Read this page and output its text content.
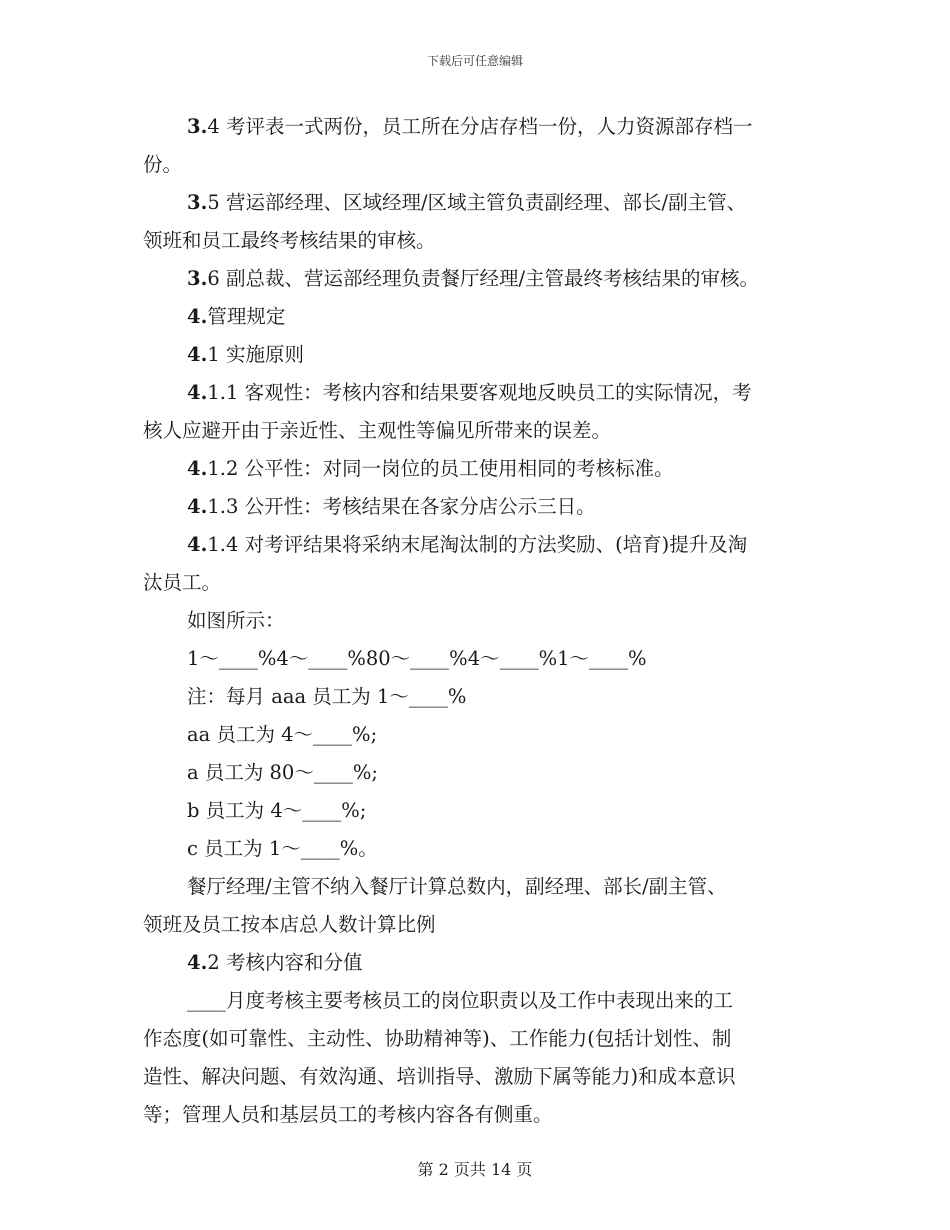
下载后可任意编辑
3.4 考评表一式两份，员工所在分店存档一份，人力资源部存档一
份。
3.5 营运部经理、区域经理/区域主管负责副经理、部长/副主管、
领班和员工最终考核结果的审核。
3.6 副总裁、营运部经理负责餐厅经理/主管最终考核结果的审核。
4.管理规定
4.1 实施原则
4.1.1 客观性：考核内容和结果要客观地反映员工的实际情况，考
核人应避开由于亲近性、主观性等偏见所带来的误差。
4.1.2 公平性：对同一岗位的员工使用相同的考核标准。
4.1.3 公开性：考核结果在各家分店公示三日。
4.1.4 对考评结果将采纳末尾淘汰制的方法奖励、(培育)提升及淘
汰员工。
如图所示：
1～____%4～____%80～____%4～____%1～____%
注：每月 aaa 员工为 1～____%
aa 员工为 4～____%;
a 员工为 80～____%;
b 员工为 4～____%;
c 员工为 1～____%。
餐厅经理/主管不纳入餐厅计算总数内，副经理、部长/副主管、
领班及员工按本店总人数计算比例
4.2 考核内容和分值
____月度考核主要考核员工的岗位职责以及工作中表现出来的工
作态度(如可靠性、主动性、协助精神等)、工作能力(包括计划性、制
造性、解决问题、有效沟通、培训指导、激励下属等能力)和成本意识
等；管理人员和基层员工的考核内容各有侧重。
第 2 页共 14 页
